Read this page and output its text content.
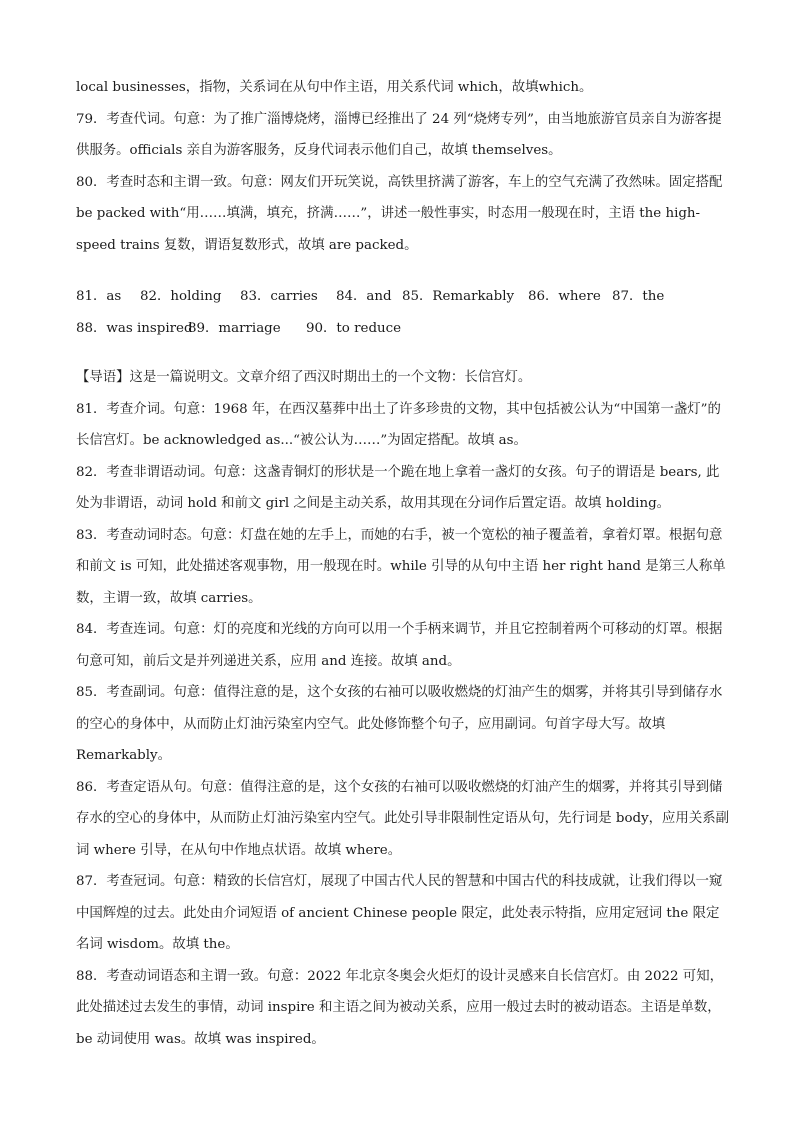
local businesses，指物，关系词在从句中作主语，用关系代词 which，故填which。

79．考查代词。句意：为了推广淄博烧烤，淄博已经推出了 24 列“烧烤专列”，由当地旅游官员亲自为游客提供服务。officials 亲自为游客服务，反身代词表示他们自己，故填 themselves。

80．考查时态和主谓一致。句意：网友们开玩笑说，高铁里挤满了游客，车上的空气充满了孜然味。固定搭配 be packed with“用……填满，填充，挤满……”，讲述一般性事实，时态用一般现在时，主语 the high-speed trains 复数，谓语复数形式，故填 are packed。

81．as	82．holding	83．carries	84．and 85．Remarkably	86．where 87．the
88．was inspired
89．marriage	90．to reduce

【导语】这是一篇说明文。文章介绍了西汉时期出土的一个文物：长信宫灯。

81．考查介词。句意：1968 年，在西汉墓葬中出土了许多珍贵的文物，其中包括被公认为“中国第一盏灯”的长信宫灯。be acknowledged as...“被公认为……”为固定搭配。故填 as。

82．考查非谓语动词。句意：这盏青铜灯的形状是一个跪在地上拿着一盏灯的女孩。句子的谓语是 bears, 此处为非谓语，动词 hold 和前文 girl 之间是主动关系，故用其现在分词作后置定语。故填 holding。

83．考查动词时态。句意：灯盘在她的左手上，而她的右手，被一个宽松的袖子覆盖着，拿着灯罩。根据句意和前文 is 可知，此处描述客观事物，用一般现在时。while 引导的从句中主语 her right hand 是第三人称单数，主谓一致，故填 carries。

84．考查连词。句意：灯的亮度和光线的方向可以用一个手柄来调节，并且它控制着两个可移动的灯罩。根据句意可知，前后文是并列递进关系，应用 and 连接。故填 and。

85．考查副词。句意：值得注意的是，这个女孩的右袖可以吸收燃烧的灯油产生的烟雾，并将其引导到储存水的空心的身体中，从而防止灯油污染室内空气。此处修饰整个句子，应用副词。句首字母大写。故填 Remarkably。

86．考查定语从句。句意：值得注意的是，这个女孩的右袖可以吸收燃烧的灯油产生的烟雾，并将其引导到储存水的空心的身体中，从而防止灯油污染室内空气。此处引导非限制性定语从句，先行词是 body，应用关系副词 where 引导，在从句中作地点状语。故填 where。

87．考查冠词。句意：精致的长信宫灯，展现了中国古代人民的智慧和中国古代的科技成就，让我们得以一窥中国辉煌的过去。此处由介词短语 of ancient Chinese people 限定，此处表示特指，应用定冠词 the 限定名词 wisdom。故填 the。

88．考查动词语态和主谓一致。句意：2022 年北京冬奥会火炬灯的设计灵感来自长信宫灯。由 2022 可知，此处描述过去发生的事情，动词 inspire 和主语之间为被动关系，应用一般过去时的被动语态。主语是单数，be 动词使用 was。故填 was inspired。
